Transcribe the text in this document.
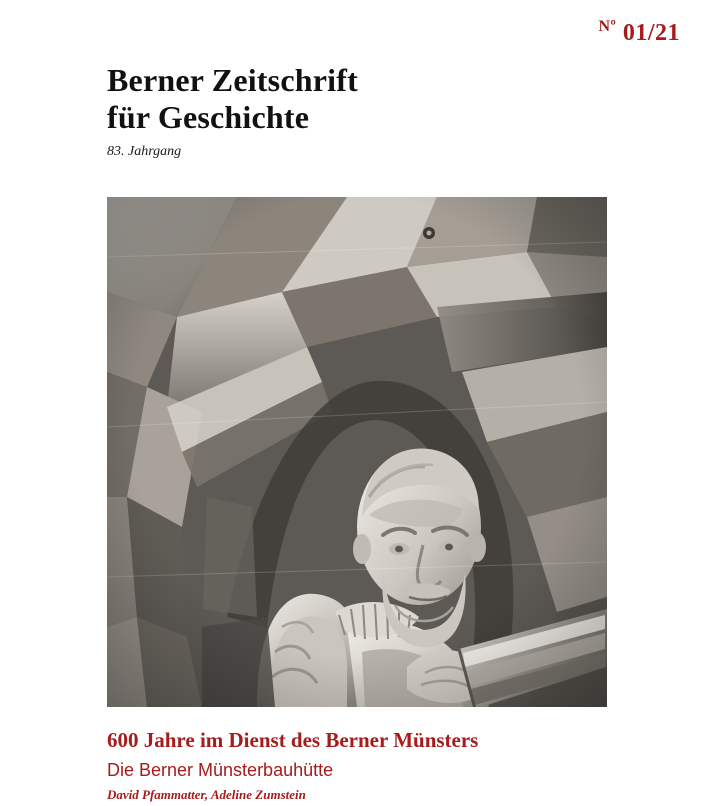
$^{Nº}$ 01/21
Berner Zeitschrift
für Geschichte
83. Jahrgang
600 Jahre im Dienst des Berner Münsters
Die Berner Münsterbauhütte
David Pfammatter, Adeline Zumstein
